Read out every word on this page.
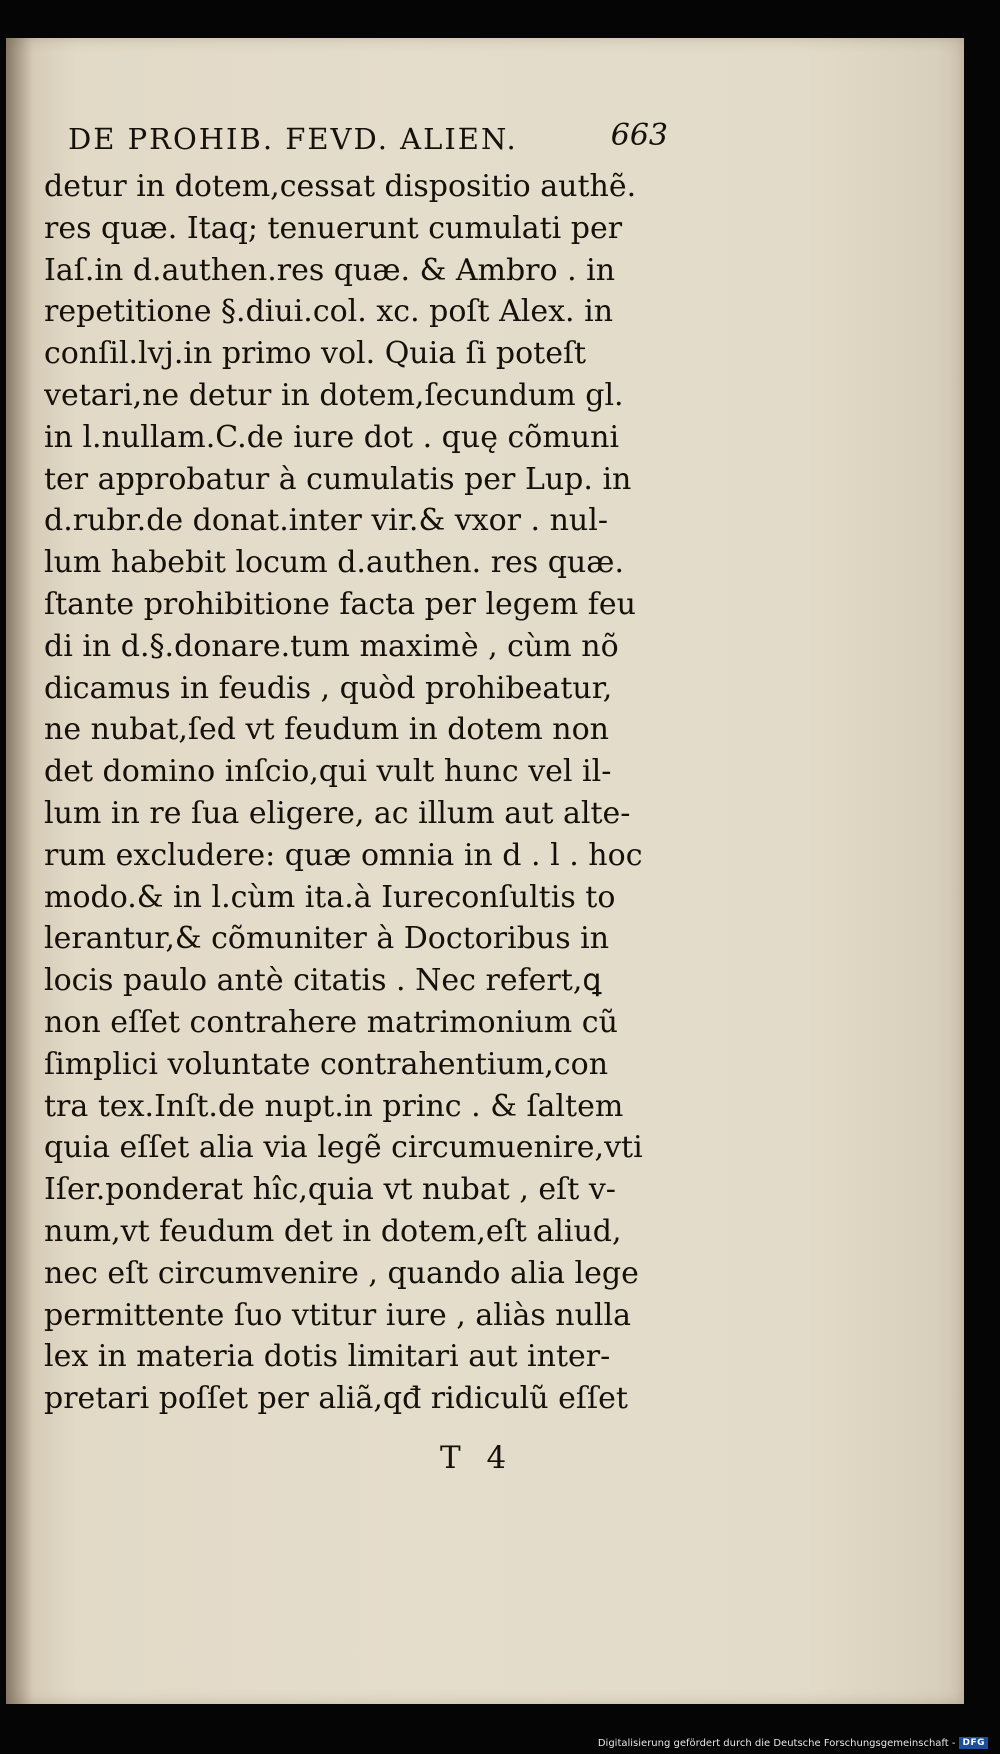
DE PROHIB. FEVD. ALIEN.	663
detur in dotem,cessat dispositio authẽ.
res quæ. Itaq; tenuerunt cumulati per
Iaſ.in d.authen.res quæ. & Ambro . in
repetitione §.diui.col. xc. poſt Alex. in
conſil.lvj.in primo vol. Quia ſi poteſt
vetari,ne detur in dotem,ſecundum gl.
in l.nullam.C.de iure dot . quę cõmuni
ter approbatur à cumulatis per Lup. in
d.rubr.de donat.inter vir.& vxor . nul-
lum habebit locum d.authen. res quæ.
ſtante prohibitione facta per legem feu
di in d.§.donare.tum maximè , cùm nõ
dicamus in feudis , quòd prohibeatur,
ne nubat,ſed vt feudum in dotem non
det domino inſcio,qui vult hunc vel il-
lum in re ſua eligere, ac illum aut alte-
rum excludere: quæ omnia in d . l . hoc
modo.& in l.cùm ita.à Iureconſultis to
lerantur,& cõmuniter à Doctoribus in
locis paulo antè citatis . Nec refert,ꝗ
non eſſet contrahere matrimonium cũ
ſimplici voluntate contrahentium,con
tra tex.Inſt.de nupt.in princ . & ſaltem
quia eſſet alia via legẽ circumuenire,vti
Iſer.ponderat hîc,quia vt nubat , eſt v-
num,vt feudum det in dotem,eſt aliud,
nec eſt circumvenire , quando alia lege
permittente ſuo vtitur iure , aliàs nulla
lex in materia dotis limitari aut inter-
pretari poſſet per aliã,qđ ridiculũ eſſet
T 4
Digitalisierung gefördert durch die Deutsche Forschungsgemeinschaft - DFG
